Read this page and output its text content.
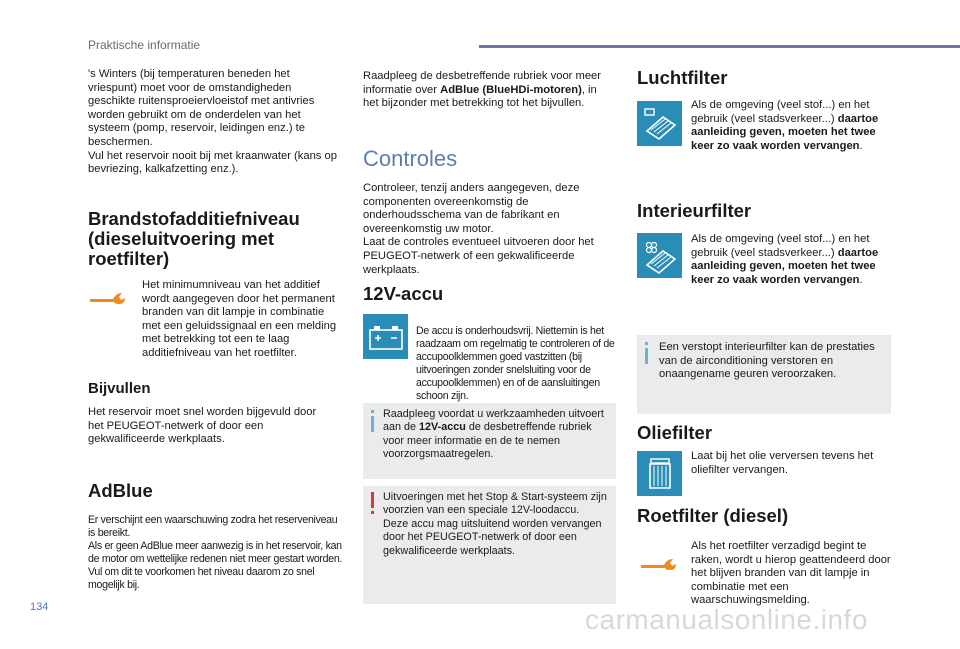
Praktische informatie

's Winters (bij temperaturen beneden het vriespunt) moet voor de omstandigheden geschikte ruitensproeiervloeistof met antivries worden gebruikt om de onderdelen van het systeem (pomp, reservoir, leidingen enz.) te beschermen.

Vul het reservoir nooit bij met kraanwater (kans op bevriezing, kalkafzetting enz.).

Brandstofadditiefniveau (dieseluitvoering met roetfilter)

Het minimumniveau van het additief wordt aangegeven door het permanent branden van dit lampje in combinatie met een geluidssignaal en een melding met betrekking tot een te laag additiefniveau van het roetfilter.

Bijvullen

Het reservoir moet snel worden bijgevuld door het PEUGEOT-netwerk of door een gekwalificeerde werkplaats.

AdBlue

Er verschijnt een waarschuwing zodra het reserveniveau is bereikt.

Als er geen AdBlue meer aanwezig is in het reservoir, kan de motor om wettelijke redenen niet meer gestart worden. Vul om dit te voorkomen het niveau daarom zo snel mogelijk bij.

Raadpleeg de desbetreffende rubriek voor meer informatie over AdBlue (BlueHDi-motoren), in het bijzonder met betrekking tot het bijvullen.

Controles

Controleer, tenzij anders aangegeven, deze componenten overeenkomstig de onderhoudsschema van de fabrikant en overeenkomstig uw motor.

Laat de controles eventueel uitvoeren door het PEUGEOT-netwerk of een gekwalificeerde werkplaats.

12V-accu

De accu is onderhoudsvrij. Niettemin is het raadzaam om regelmatig te controleren of de accupoolklemmen goed vastzitten (bij uitvoeringen zonder snelsluiting voor de accupoolklemmen) en of de aansluitingen schoon zijn.

Raadpleeg voordat u werkzaamheden uitvoert aan de 12V-accu de desbetreffende rubriek voor meer informatie en de te nemen voorzorgsmaatregelen.

Uitvoeringen met het Stop & Start-systeem zijn voorzien van een speciale 12V-loodaccu.

Deze accu mag uitsluitend worden vervangen door het PEUGEOT-netwerk of door een gekwalificeerde werkplaats.

Luchtfilter

Als de omgeving (veel stof...) en het gebruik (veel stadsverkeer...) daartoe aanleiding geven, moeten het twee keer zo vaak worden vervangen.

Interieurfilter

Als de omgeving (veel stof...) en het gebruik (veel stadsverkeer...) daartoe aanleiding geven, moeten het twee keer zo vaak worden vervangen.

Een verstopt interieurfilter kan de prestaties van de airconditioning verstoren en onaangename geuren veroorzaken.

Oliefilter

Laat bij het olie verversen tevens het oliefilter vervangen.

Roetfilter (diesel)

Als het roetfilter verzadigd begint te raken, wordt u hierop geattendeerd door het blijven branden van dit lampje in combinatie met een waarschuwingsmelding.

134	carmanualsonline.info
